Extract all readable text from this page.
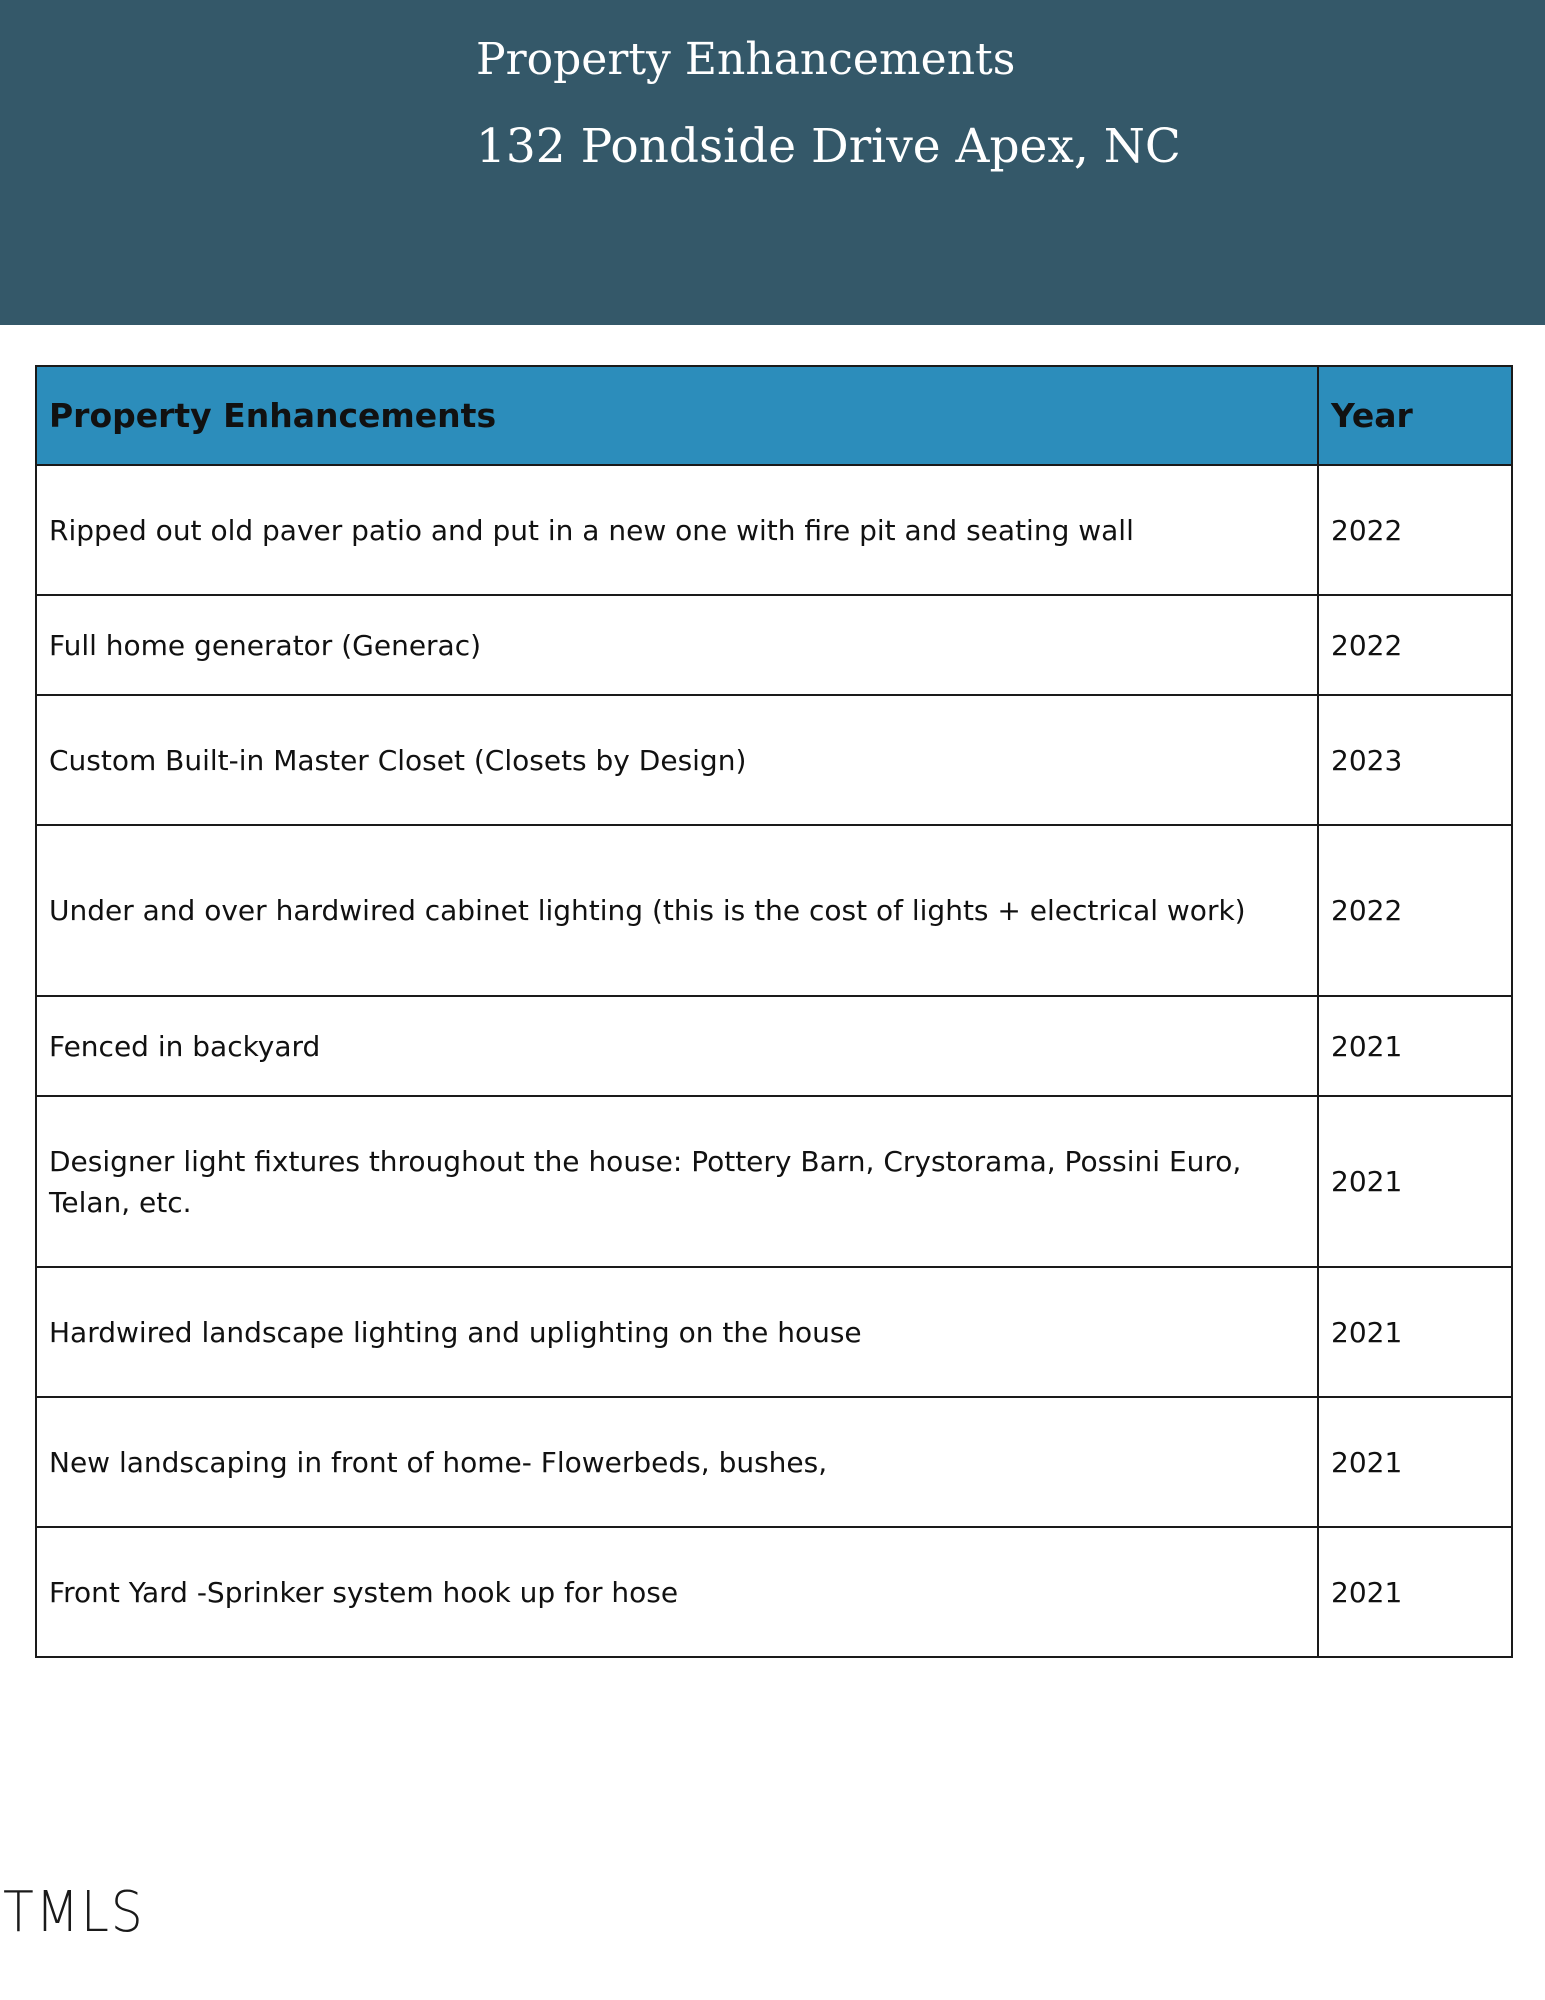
Property Enhancements
132 Pondside Drive Apex, NC
Property Enhancements	Year
Ripped out old paver patio and put in a new one with fire pit and seating wall	2022
Full home generator (Generac)	2022
Custom Built-in Master Closet (Closets by Design)	2023
Under and over hardwired cabinet lighting (this is the cost of lights + electrical work)	2022
Fenced in backyard	2021
Designer light fixtures throughout the house: Pottery Barn, Crystorama, Possini Euro, Telan, etc.	2021
Hardwired landscape lighting and uplighting on the house	2021
New landscaping in front of home- Flowerbeds, bushes,	2021
Front Yard -Sprinker system hook up for hose	2021
TMLS
